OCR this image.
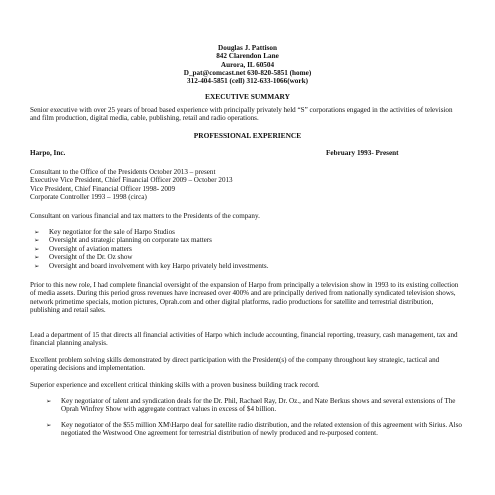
Douglas J. Pattison
842 Clarendon Lane
Aurora, IL 60504
D_pat@comcast.net 630-820-5851 (home)
312-404-5851 (cell) 312-633-1066(work)
EXECUTIVE SUMMARY

Senior executive with over 25 years of broad based experience with principally privately held “S” corporations engaged in the activities of television and film production, digital media, cable, publishing, retail and radio operations.

PROFESSIONAL EXPERIENCE
Harpo, Inc.	February 1993- Present

Consultant to the Office of the Presidents October 2013 – present

Executive Vice President, Chief Financial Officer 2009 – October 2013

Vice President, Chief Financial Officer 1998- 2009

Corporate Controller 1993 – 1998 (circa)

Consultant on various financial and tax matters to the Presidents of the company.

➢ Key negotiator for the sale of Harpo Studios
➢ Oversight and strategic planning on corporate tax matters
➢ Oversight of aviation matters
➢ Oversight of the Dr. Oz show
➢ Oversight and board involvement with key Harpo privately held investments.

Prior to this new role, I had complete financial oversight of the expansion of Harpo from principally a television show in 1993 to its existing collection of media assets. During this period gross revenues have increased over 400% and are principally derived from nationally syndicated television shows, network primetime specials, motion pictures, Oprah.com and other digital platforms, radio productions for satellite and terrestrial distribution, publishing and retail sales.

Lead a department of 15 that directs all financial activities of Harpo which include accounting, financial reporting, treasury, cash management, tax and financial planning analysis.

Excellent problem solving skills demonstrated by direct participation with the President(s) of the company throughout key strategic, tactical and operating decisions and implementation.

Superior experience and excellent critical thinking skills with a proven business building track record.

➢ Key negotiator of talent and syndication deals for the Dr. Phil, Rachael Ray, Dr. Oz., and Nate Berkus shows and several extensions of The Oprah Winfrey Show with aggregate contract values in excess of $4 billion.
➢ Key negotiator of the $55 million XM\Harpo deal for satellite radio distribution, and the related extension of this agreement with Sirius. Also negotiated the Westwood One agreement for terrestrial distribution of newly produced and re-purposed content.
